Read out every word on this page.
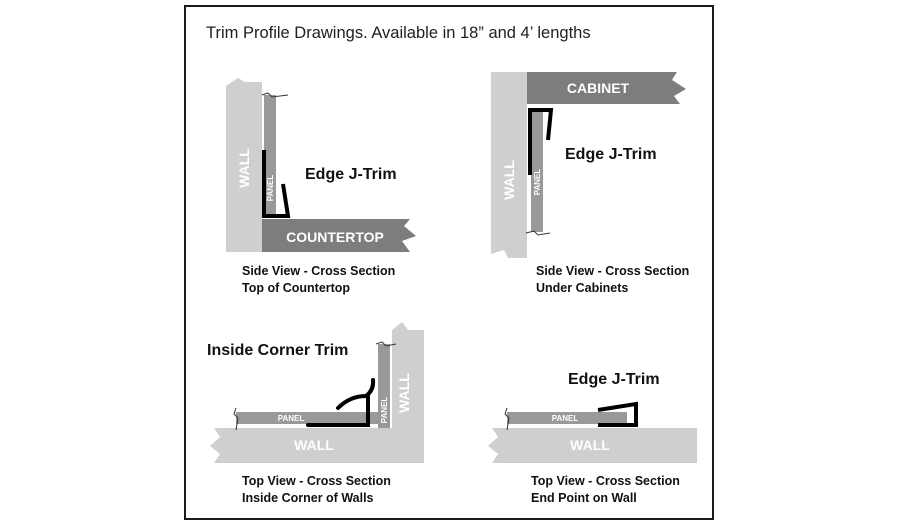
Trim Profile Drawings. Available in 18” and 4’ lengths
WALL
PANEL
COUNTERTOP
Edge J-Trim
Side View - Cross Section
Top of Countertop
WALL PANEL
CABINET
Edge J-Trim
Side View - Cross Section
Under Cabinets
WALL
WALL
PANEL	PANEL
Inside Corner Trim
Top View - Cross Section
Inside Corner of Walls
WALL
PANEL
Edge J-Trim
Top View - Cross Section
End Point on Wall
